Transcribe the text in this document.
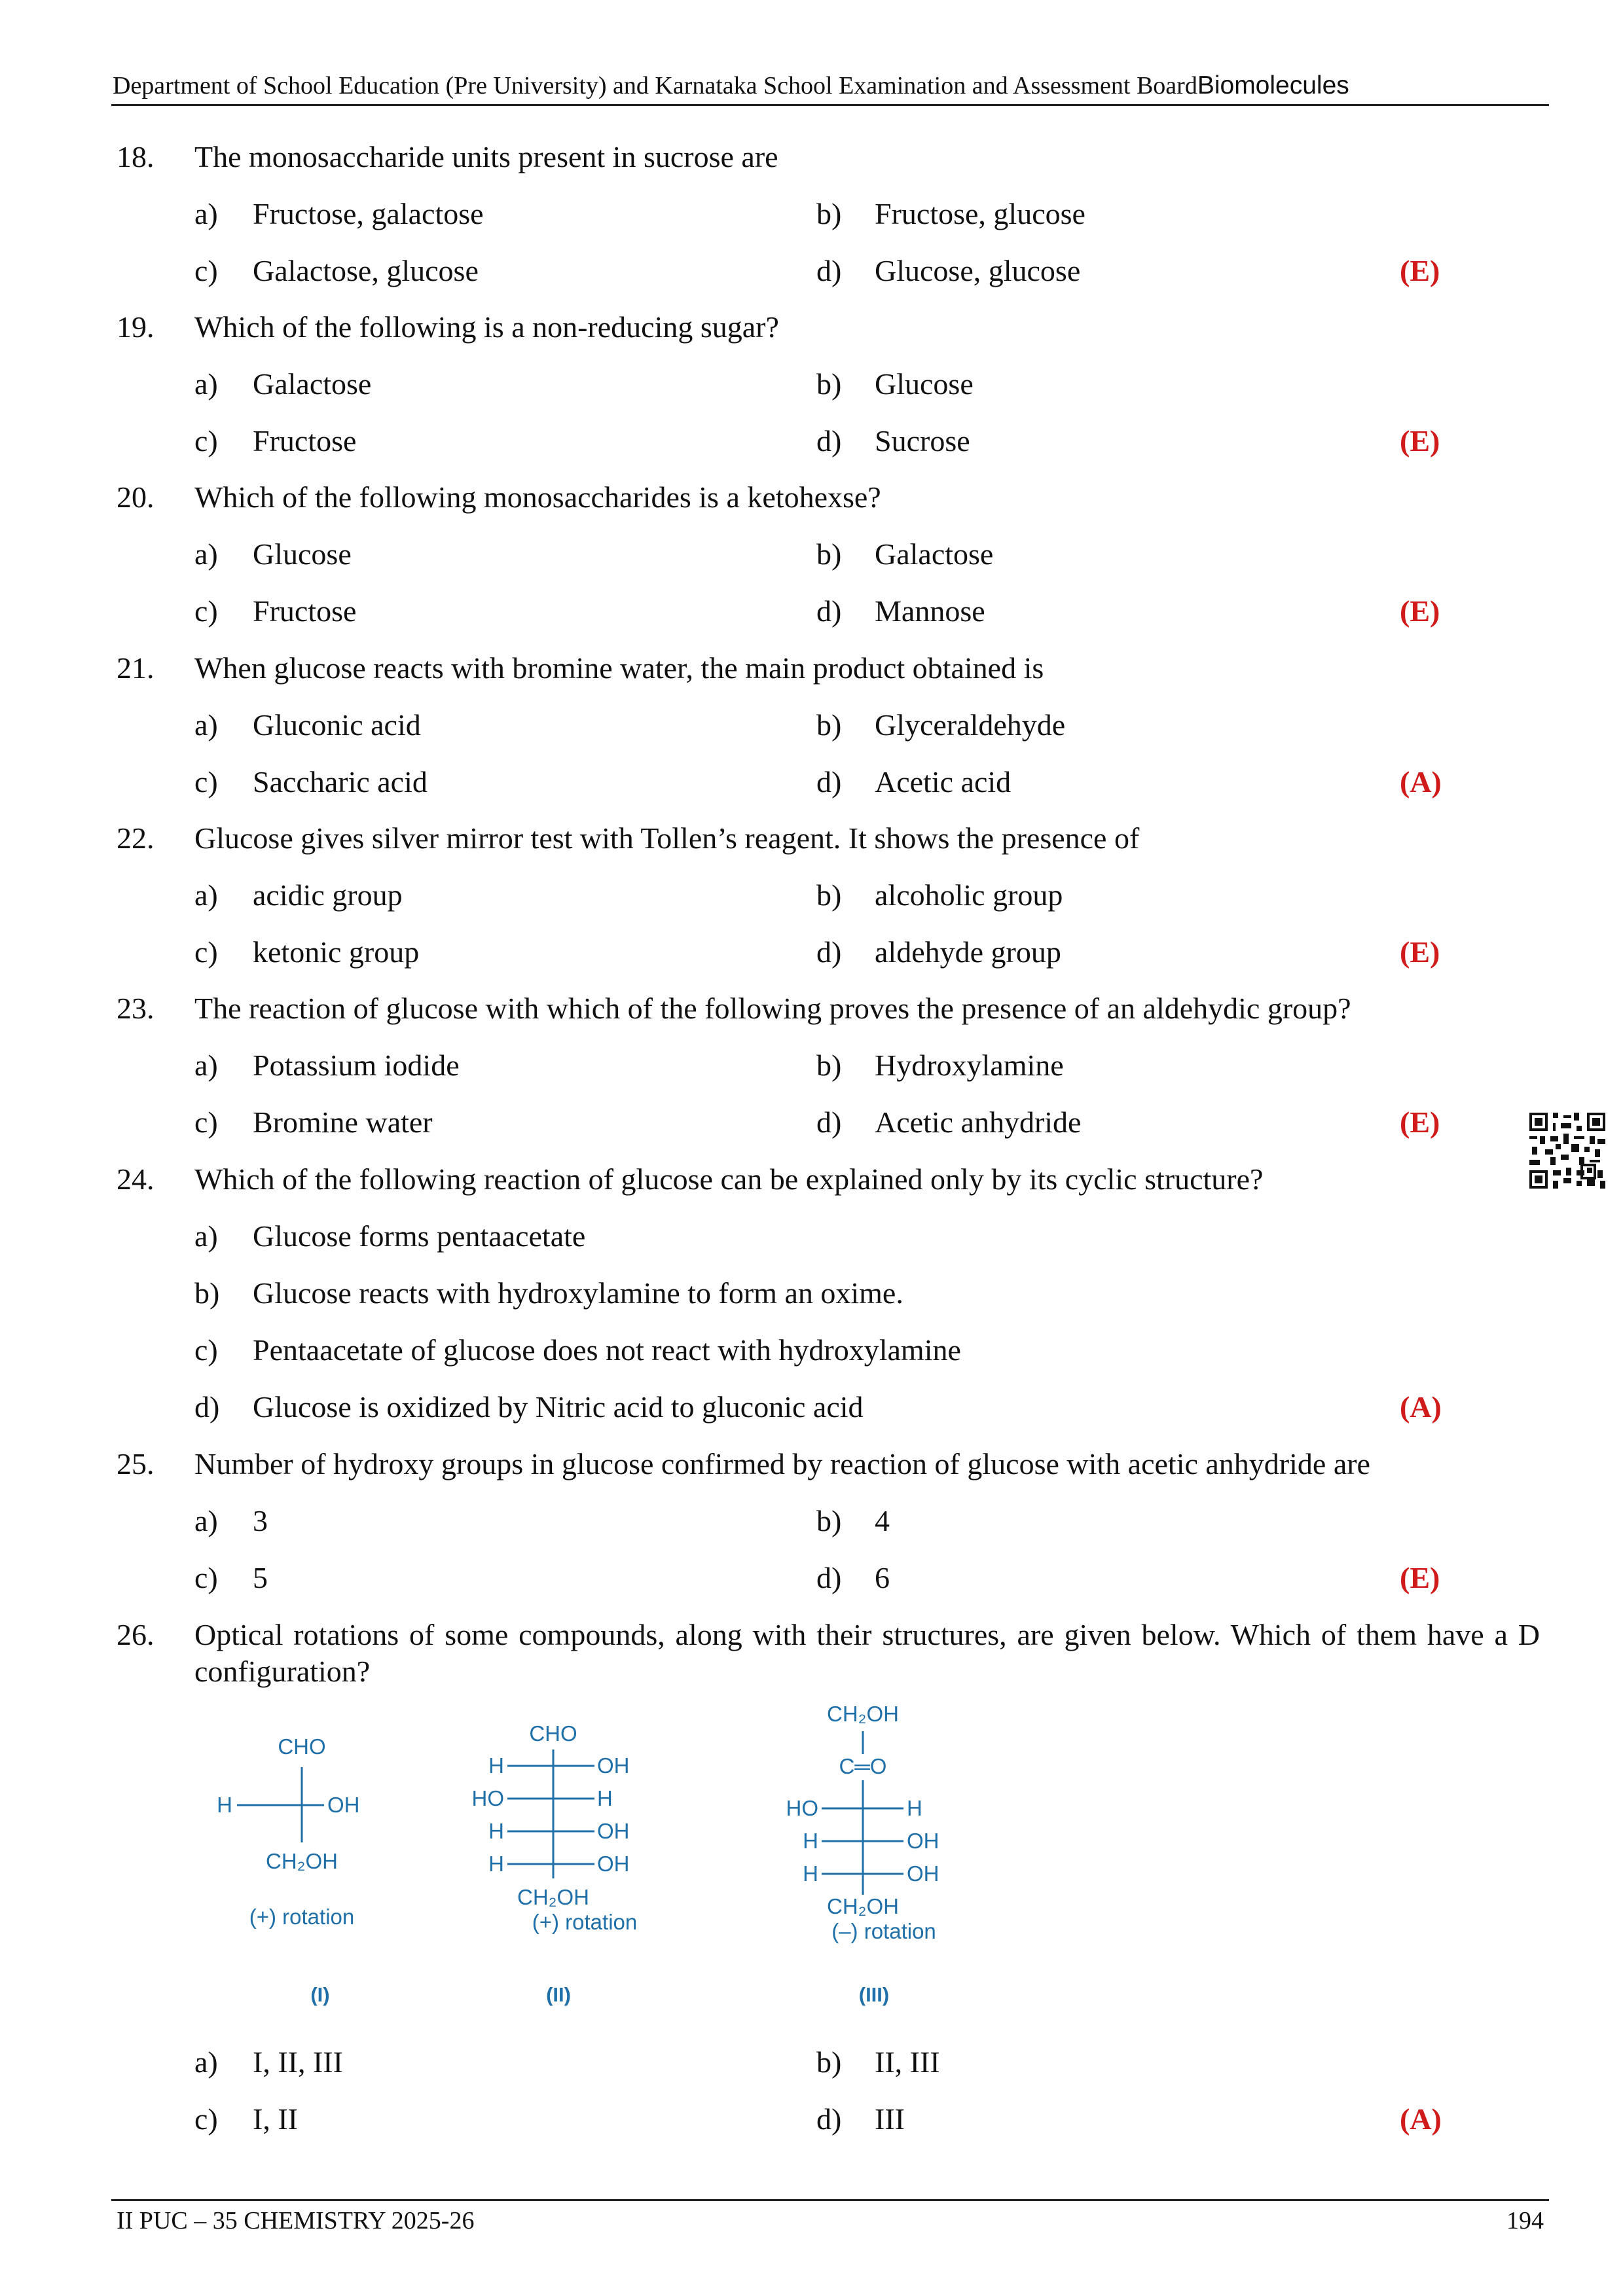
Department of School Education (Pre University) and Karnataka School Examination and Assessment BoardBiomolecules
18. The monosaccharide units present in sucrose are
a) Fructose, galactose	b) Fructose, glucose
c) Galactose, glucose	d) Glucose, glucose	(E)
19. Which of the following is a non-reducing sugar?
a) Galactose	b) Glucose
c) Fructose	d) Sucrose	(E)
20. Which of the following monosaccharides is a ketohexse?
a) Glucose	b) Galactose
c) Fructose	d) Mannose	(E)
21. When glucose reacts with bromine water, the main product obtained is
a) Gluconic acid	b) Glyceraldehyde
c) Saccharic acid	d) Acetic acid	(A)
22. Glucose gives silver mirror test with Tollen’s reagent. It shows the presence of
a) acidic group	b) alcoholic group
c) ketonic group	d) aldehyde group	(E)
23. The reaction of glucose with which of the following proves the presence of an aldehydic group?
a) Potassium iodide	b) Hydroxylamine
c) Bromine water	d) Acetic anhydride	(E)
24. Which of the following reaction of glucose can be explained only by its cyclic structure?
a) Glucose forms pentaacetate
b) Glucose reacts with hydroxylamine to form an oxime.
c) Pentaacetate of glucose does not react with hydroxylamine
d) Glucose is oxidized by Nitric acid to gluconic acid	(A)
25. Number of hydroxy groups in glucose confirmed by reaction of glucose with acetic anhydride are
a) 3	b) 4
c) 5	d) 6	(E)
26. Optical rotations of some compounds, along with their structures, are given below. Which of them have a D configuration?
CHO
H	OH
CH₂OH
(+) rotation
(I)
CHO
H	OH
HO	H
H	OH
H	OH
CH₂OH
(+) rotation
(II)
CH₂OH
C═O
HO	H
H	OH
H	OH
CH₂OH
(–) rotation
(III)
a) I, II, III	b) II, III
c) I, II	d) III	(A)
II PUC – 35 CHEMISTRY 2025-26	194
